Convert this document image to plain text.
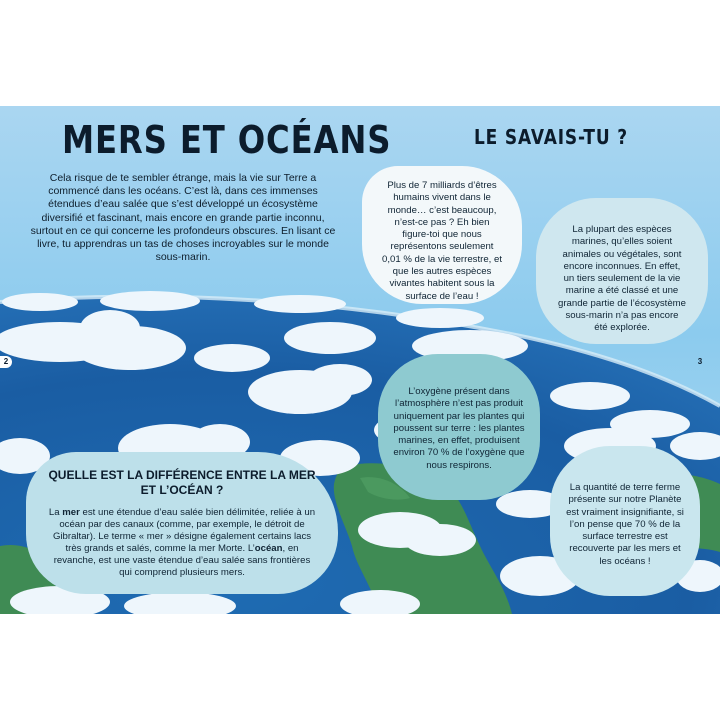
MERS ET OCÉANS	LE SAVAIS-TU ?

Cela risque de te sembler étrange, mais la vie sur Terre a commencé dans les océans. C’est là, dans ces immenses étendues d’eau salée que s’est développé un écosystème diversifié et fascinant, mais encore en grande partie inconnu, surtout en ce qui concerne les profondeurs obscures. En lisant ce livre, tu apprendras un tas de choses incroyables sur le monde sous-marin.

Plus de 7 milliards d’êtres humains vivent dans le monde… c’est beaucoup, n’est-ce pas ? Eh bien figure-toi que nous représentons seulement 0,01 % de la vie terrestre, et que les autres espèces vivantes habitent sous la surface de l’eau !

La plupart des espèces marines, qu’elles soient animales ou végétales, sont encore inconnues. En effet, un tiers seulement de la vie marine a été classé et une grande partie de l’écosystème sous-marin n’a pas encore été explorée.

L’oxygène présent dans l’atmosphère n’est pas produit uniquement par les plantes qui poussent sur terre : les plantes marines, en effet, produisent environ 70 % de l’oxygène que nous respirons.

La quantité de terre ferme présente sur notre Planète est vraiment insignifiante, si l’on pense que 70 % de la surface terrestre est recouverte par les mers et les océans !

QUELLE EST LA DIFFÉRENCE ENTRE LA MER ET L’OCÉAN ?

La mer est une étendue d’eau salée bien délimitée, reliée à un océan par des canaux (comme, par exemple, le détroit de Gibraltar). Le terme « mer » désigne également certains lacs très grands et salés, comme la mer Morte. L’océan, en revanche, est une vaste étendue d’eau salée sans frontières qui comprend plusieurs mers.

2	3
